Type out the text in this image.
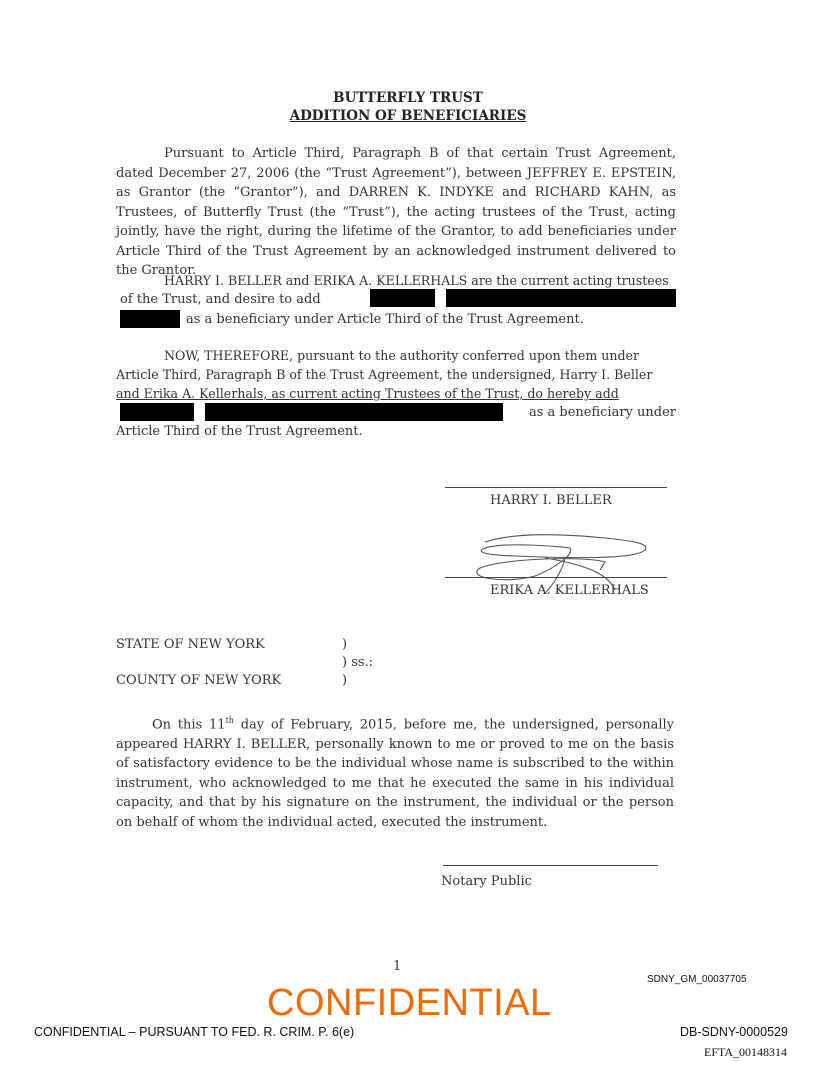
BUTTERFLY TRUST
ADDITION OF BENEFICIARIES
Pursuant to Article Third, Paragraph B of that certain Trust Agreement, dated December 27, 2006 (the “Trust Agreement”), between JEFFREY E. EPSTEIN, as Grantor (the “Grantor”), and DARREN K. INDYKE and RICHARD KAHN, as Trustees, of Butterfly Trust (the “Trust”), the acting trustees of the Trust, acting jointly, have the right, during the lifetime of the Grantor, to add beneficiaries under Article Third of the Trust Agreement by an acknowledged instrument delivered to the Grantor.
HARRY I. BELLER and ERIKA A. KELLERHALS are the current acting trustees
of the Trust, and desire to add
as a beneficiary under Article Third of the Trust Agreement.
NOW, THEREFORE, pursuant to the authority conferred upon them under
Article Third, Paragraph B of the Trust Agreement, the undersigned, Harry I. Beller
and Erika A. Kellerhals, as current acting Trustees of the Trust, do hereby add
as a beneficiary under
Article Third of the Trust Agreement.
HARRY I. BELLER
ERIKA A. KELLERHALS
STATE OF NEW YORK	)
) ss.:
COUNTY OF NEW YORK	)
On this 11th day of February, 2015, before me, the undersigned, personally appeared HARRY I. BELLER, personally known to me or proved to me on the basis of satisfactory evidence to be the individual whose name is subscribed to the within instrument, who acknowledged to me that he executed the same in his individual capacity, and that by his signature on the instrument, the individual or the person on behalf of whom the individual acted, executed the instrument.
Notary Public
1
SDNY_GM_00037705
CONFIDENTIAL
CONFIDENTIAL – PURSUANT TO FED. R. CRIM. P. 6(e)	DB-SDNY-0000529
EFTA_00148314
